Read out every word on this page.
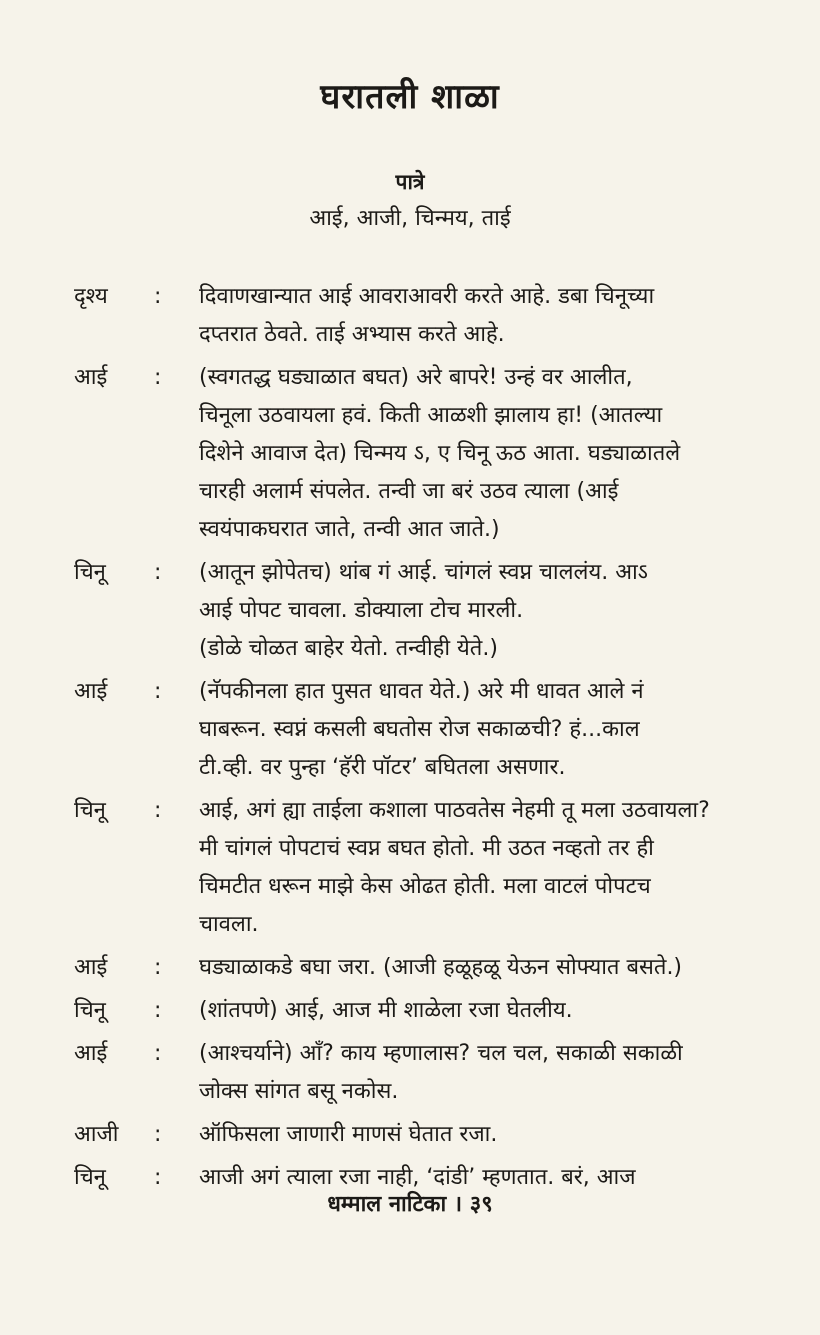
घरातली शाळा
पात्रे
आई, आजी, चिन्मय, ताई
दृश्य	:	दिवाणखान्यात आई आवराआवरी करते आहे. डबा चिनूच्या
दप्तरात ठेवते. ताई अभ्यास करते आहे.
आई	:	(स्वगतद्ध घड्याळात बघत) अरे बापरे! उन्हं वर आलीत,
चिनूला उठवायला हवं. किती आळशी झालाय हा! (आतल्या
दिशेने आवाज देत) चिन्मय ऽ, ए चिनू ऊठ आता. घड्याळातले
चारही अलार्म संपलेत. तन्वी जा बरं उठव त्याला (आई
स्वयंपाकघरात जाते, तन्वी आत जाते.)
चिनू	:	(आतून झोपेतच) थांब गं आई. चांगलं स्वप्न चाललंय. आऽ
आई पोपट चावला. डोक्याला टोच मारली.
(डोळे चोळत बाहेर येतो. तन्वीही येते.)
आई	:	(नॅपकीनला हात पुसत धावत येते.) अरे मी धावत आले नं
घाबरून. स्वप्नं कसली बघतोस रोज सकाळची? हं...काल
टी.व्ही. वर पुन्हा ‘हॅरी पॉटर’ बघितला असणार.
चिनू	:	आई, अगं ह्या ताईला कशाला पाठवतेस नेहमी तू मला उठवायला?
मी चांगलं पोपटाचं स्वप्न बघत होतो. मी उठत नव्हतो तर ही
चिमटीत धरून माझे केस ओढत होती. मला वाटलं पोपटच
चावला.
आई	:	घड्याळाकडे बघा जरा. (आजी हळूहळू येऊन सोफ्यात बसते.)
चिनू	:	(शांतपणे) आई, आज मी शाळेला रजा घेतलीय.
आई	:	(आश्चर्याने) आँ? काय म्हणालास? चल चल, सकाळी सकाळी
जोक्स सांगत बसू नकोस.
आजी	:	ऑफिसला जाणारी माणसं घेतात रजा.
चिनू	:	आजी अगं त्याला रजा नाही, ‘दांडी’ म्हणतात. बरं, आज
धम्माल नाटिका । ३९
